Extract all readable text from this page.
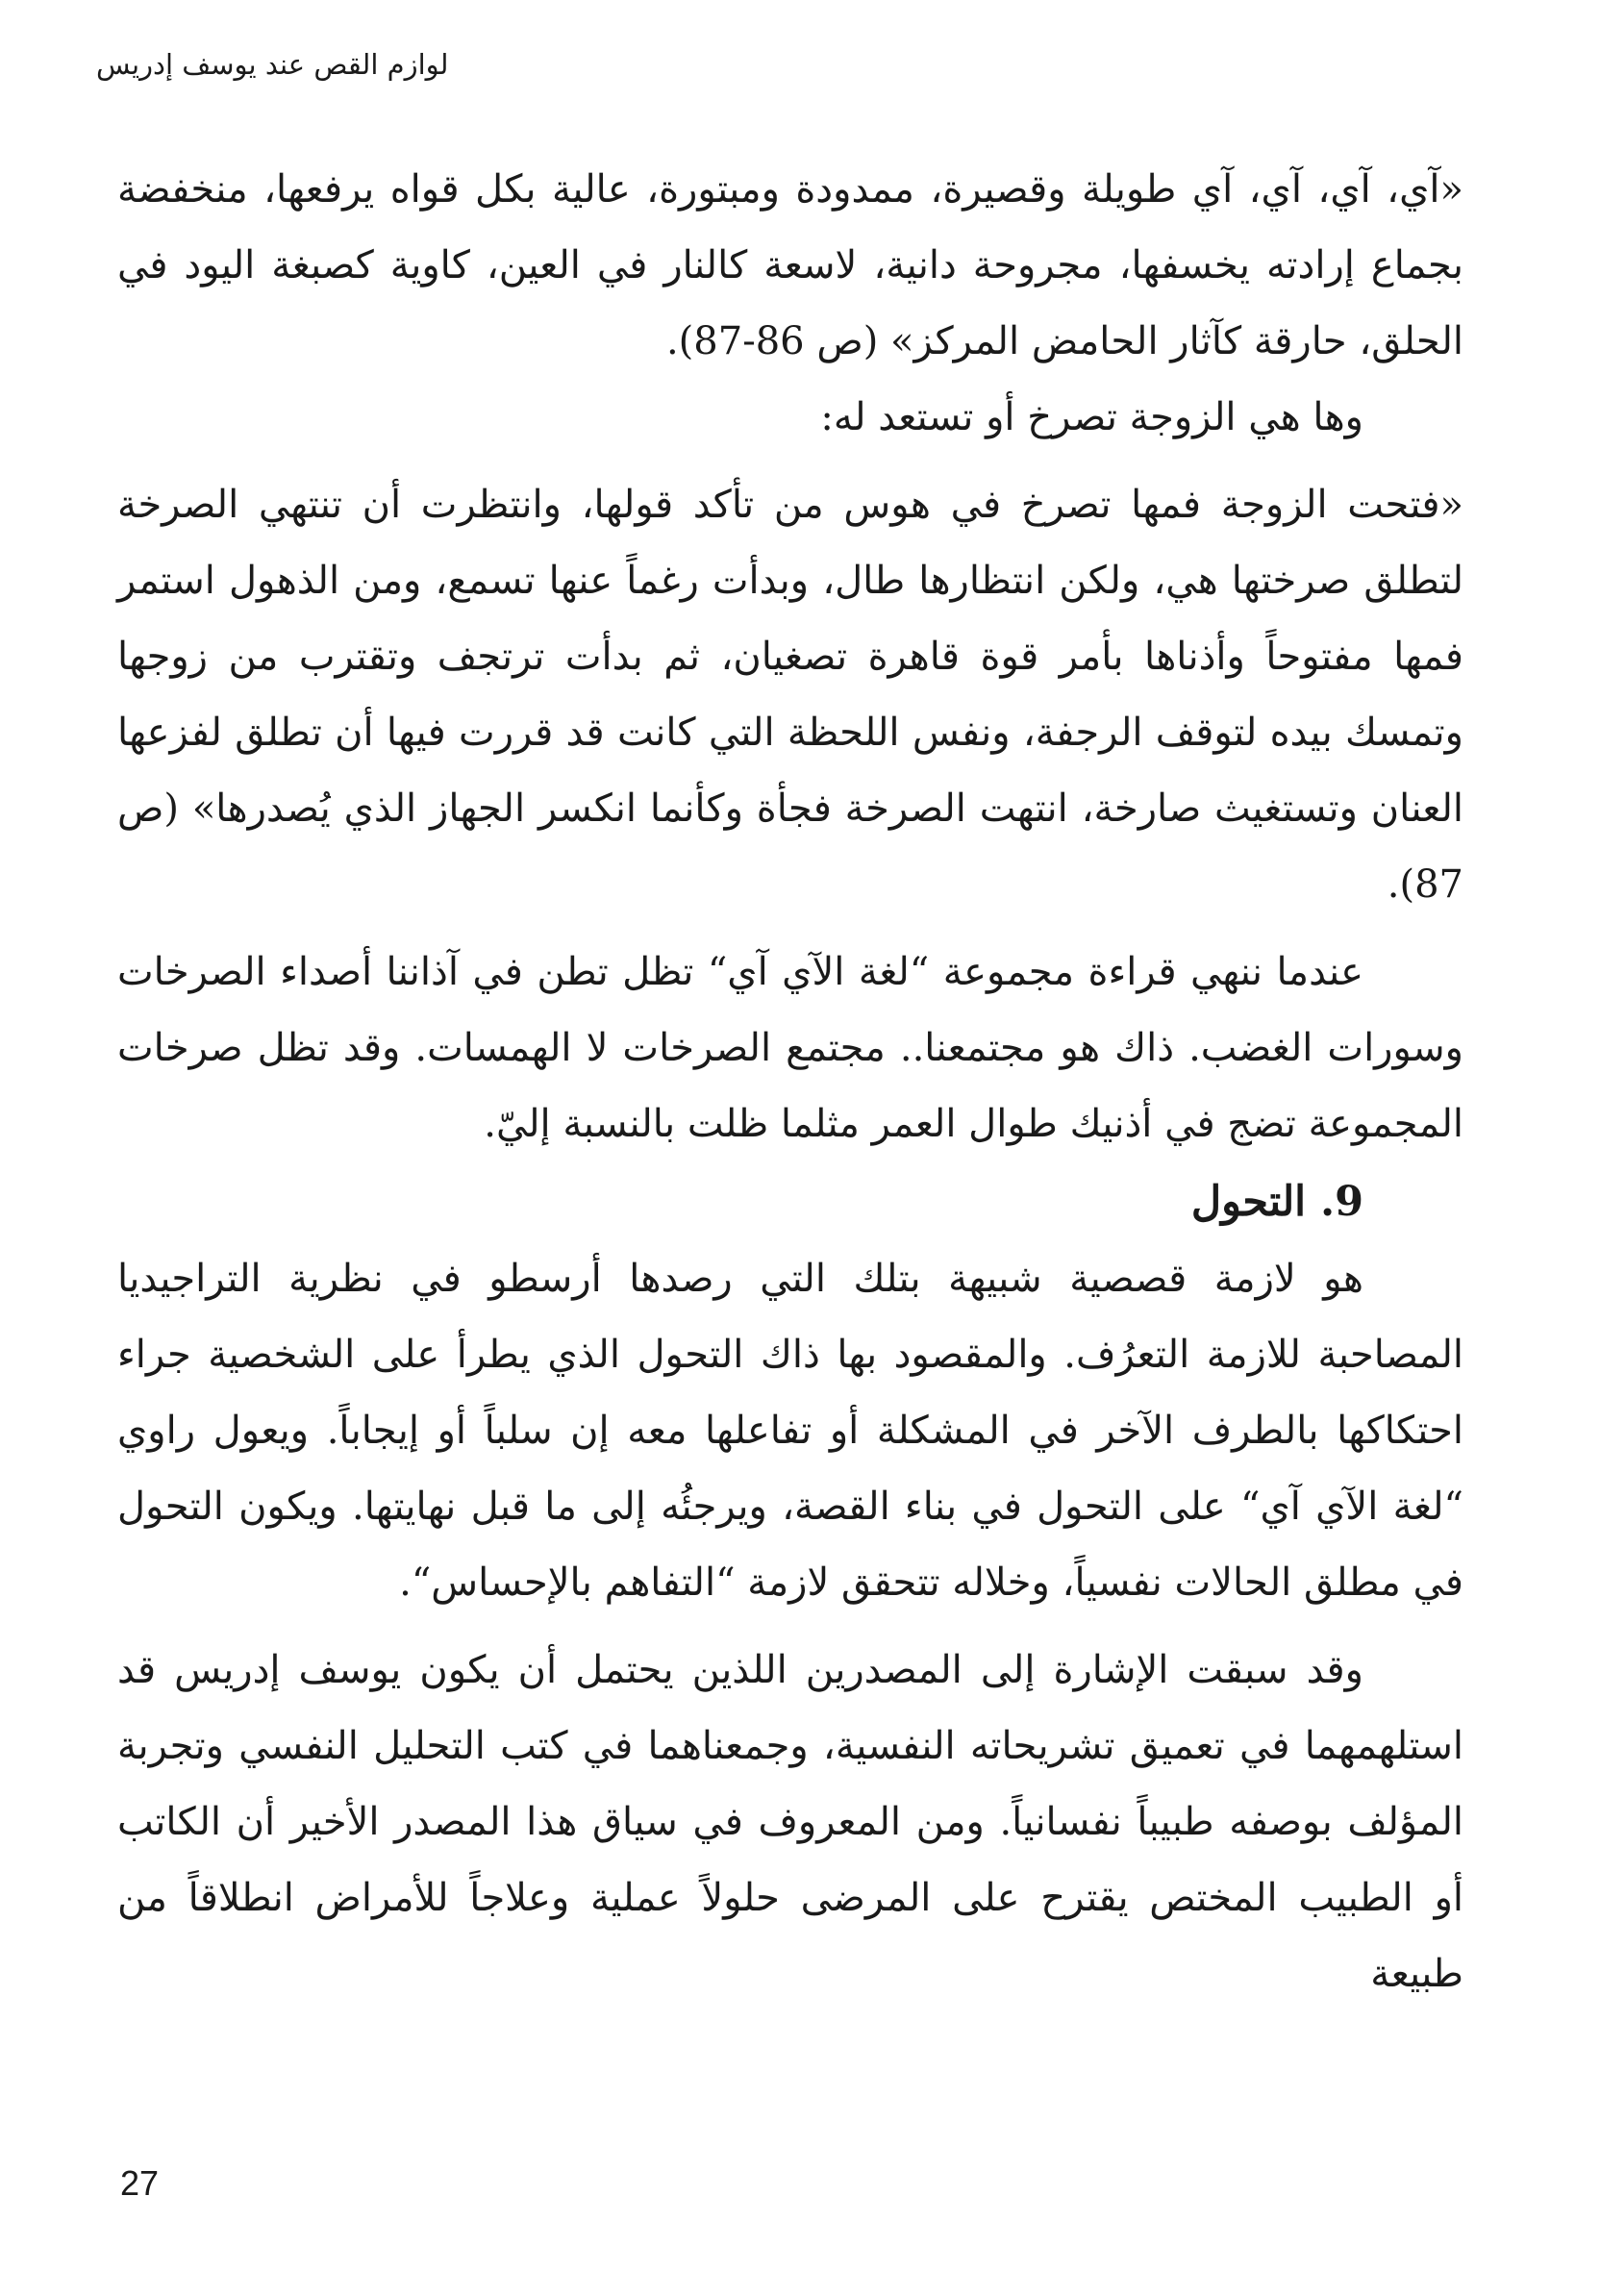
لوازم القص عند يوسف إدريس

«آي، آي، آي، آي طويلة وقصيرة، ممدودة ومبتورة، عالية بكل قواه يرفعها، منخفضة بجماع إرادته يخسفها، مجروحة دانية، لاسعة كالنار في العين، كاوية كصبغة اليود في الحلق، حارقة كآثار الحامض المركز» (ص 86-87).

وها هي الزوجة تصرخ أو تستعد له:

«فتحت الزوجة فمها تصرخ في هوس من تأكد قولها، وانتظرت أن تنتهي الصرخة لتطلق صرختها هي، ولكن انتظارها طال، وبدأت رغماً عنها تسمع، ومن الذهول استمر فمها مفتوحاً وأذناها بأمر قوة قاهرة تصغيان، ثم بدأت ترتجف وتقترب من زوجها وتمسك بيده لتوقف الرجفة، ونفس اللحظة التي كانت قد قررت فيها أن تطلق لفزعها العنان وتستغيث صارخة، انتهت الصرخة فجأة وكأنما انكسر الجهاز الذي يُصدرها» (ص 87).

عندما ننهي قراءة مجموعة “لغة الآي آي“ تظل تطن في آذاننا أصداء الصرخات وسورات الغضب. ذاك هو مجتمعنا.. مجتمع الصرخات لا الهمسات. وقد تظل صرخات المجموعة تضج في أذنيك طوال العمر مثلما ظلت بالنسبة إليّ.

9. التحول

هو لازمة قصصية شبيهة بتلك التي رصدها أرسطو في نظرية التراجيديا المصاحبة للازمة التعرُف. والمقصود بها ذاك التحول الذي يطرأ على الشخصية جراء احتكاكها بالطرف الآخر في المشكلة أو تفاعلها معه إن سلباً أو إيجاباً. ويعول راوي “لغة الآي آي“ على التحول في بناء القصة، ويرجئُه إلى ما قبل نهايتها. ويكون التحول في مطلق الحالات نفسياً، وخلاله تتحقق لازمة “التفاهم بالإحساس“.

وقد سبقت الإشارة إلى المصدرين اللذين يحتمل أن يكون يوسف إدريس قد استلهمهما في تعميق تشريحاته النفسية، وجمعناهما في كتب التحليل النفسي وتجربة المؤلف بوصفه طبيباً نفسانياً. ومن المعروف في سياق هذا المصدر الأخير أن الكاتب أو الطبيب المختص يقترح على المرضى حلولاً عملية وعلاجاً للأمراض انطلاقاً من طبيعة

27
